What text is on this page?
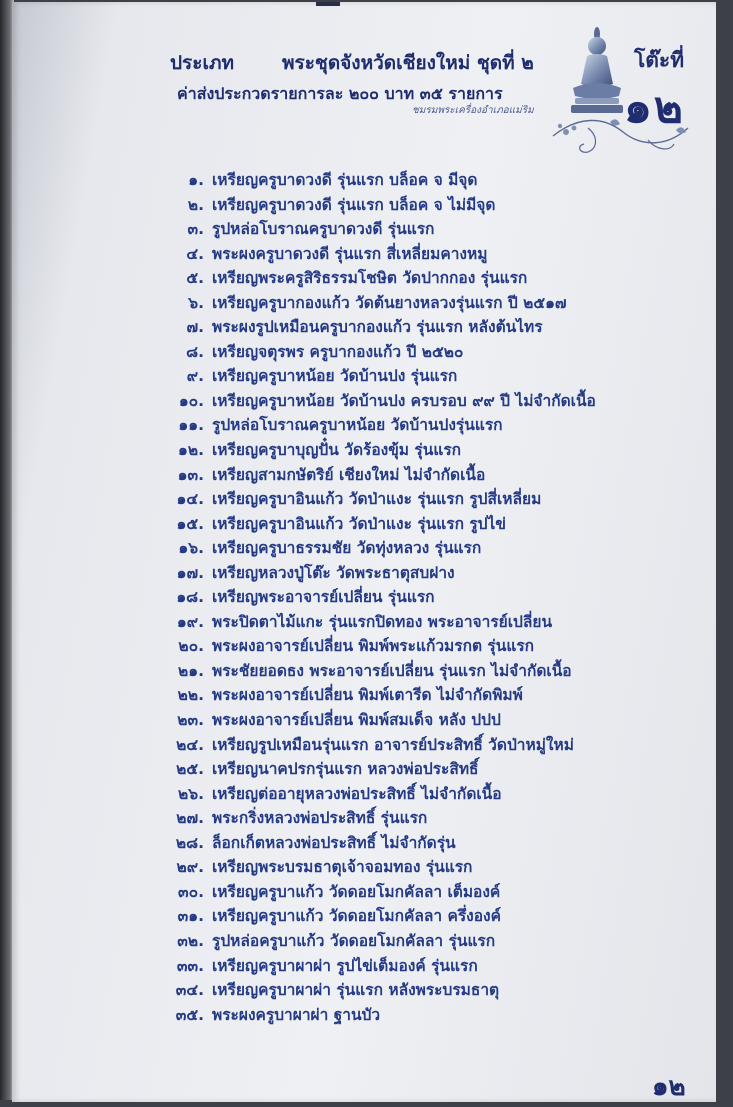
ประเภท	พระชุดจังหวัดเชียงใหม่ ชุดที่ ๒
ค่าส่งประกวดรายการละ ๒๐๐ บาท ๓๕ รายการ
ชมรมพระเครื่องอำเภอแม่ริม
โต๊ะที่
๑๒
๑. เหรียญครูบาดวงดี รุ่นแรก บล็อค จ มีจุด
๒. เหรียญครูบาดวงดี รุ่นแรก บล็อค จ ไม่มีจุด
๓. รูปหล่อโบราณครูบาดวงดี รุ่นแรก
๔. พระผงครูบาดวงดี รุ่นแรก สี่เหลี่ยมคางหมู
๕. เหรียญพระครูสิริธรรมโชษิต วัดปากกอง รุ่นแรก
๖. เหรียญครูบากองแก้ว วัดต้นยางหลวงรุ่นแรก ปี ๒๕๑๗
๗. พระผงรูปเหมือนครูบากองแก้ว รุ่นแรก หลังต้นไทร
๘. เหรียญจตุรพร ครูบากองแก้ว ปี ๒๕๒๐
๙. เหรียญครูบาหน้อย วัดบ้านปง รุ่นแรก
๑๐. เหรียญครูบาหน้อย วัดบ้านปง ครบรอบ ๙๙ ปี ไม่จำกัดเนื้อ
๑๑. รูปหล่อโบราณครูบาหน้อย วัดบ้านปงรุ่นแรก
๑๒. เหรียญครูบาบุญปั๋น วัดร้องขุ้ม รุ่นแรก
๑๓. เหรียญสามกษัตริย์ เชียงใหม่ ไม่จำกัดเนื้อ
๑๔. เหรียญครูบาอินแก้ว วัดป่าแงะ รุ่นแรก รูปสี่เหลี่ยม
๑๕. เหรียญครูบาอินแก้ว วัดป่าแงะ รุ่นแรก รูปไข่
๑๖. เหรียญครูบาธรรมชัย วัดทุ่งหลวง รุ่นแรก
๑๗. เหรียญหลวงปู่โต๊ะ วัดพระธาตุสบฝาง
๑๘. เหรียญพระอาจารย์เปลี่ยน รุ่นแรก
๑๙. พระปิดตาไม้แกะ รุ่นแรกปิดทอง พระอาจารย์เปลี่ยน
๒๐. พระผงอาจารย์เปลี่ยน พิมพ์พระแก้วมรกต รุ่นแรก
๒๑. พระชัยยอดธง พระอาจารย์เปลี่ยน รุ่นแรก ไม่จำกัดเนื้อ
๒๒. พระผงอาจารย์เปลี่ยน พิมพ์เตารีด ไม่จำกัดพิมพ์
๒๓. พระผงอาจารย์เปลี่ยน พิมพ์สมเด็จ หลัง ปปป
๒๔. เหรียญรูปเหมือนรุ่นแรก อาจารย์ประสิทธิ์ วัดป่าหมู่ใหม่
๒๕. เหรียญนาคปรกรุ่นแรก หลวงพ่อประสิทธิ์
๒๖. เหรียญต่ออายุหลวงพ่อประสิทธิ์ ไม่จำกัดเนื้อ
๒๗. พระกริ่งหลวงพ่อประสิทธิ์ รุ่นแรก
๒๘. ล็อกเก็ตหลวงพ่อประสิทธิ์ ไม่จำกัดรุ่น
๒๙. เหรียญพระบรมธาตุเจ้าจอมทอง รุ่นแรก
๓๐. เหรียญครูบาแก้ว วัดดอยโมกคัลลา เต็มองค์
๓๑. เหรียญครูบาแก้ว วัดดอยโมกคัลลา ครึ่งองค์
๓๒. รูปหล่อครูบาแก้ว วัดดอยโมกคัลลา รุ่นแรก
๓๓. เหรียญครูบาผาผ่า รูปไข่เต็มองค์ รุ่นแรก
๓๔. เหรียญครูบาผาผ่า รุ่นแรก หลังพระบรมธาตุ
๓๕. พระผงครูบาผาผ่า ฐานบัว
๑๒
